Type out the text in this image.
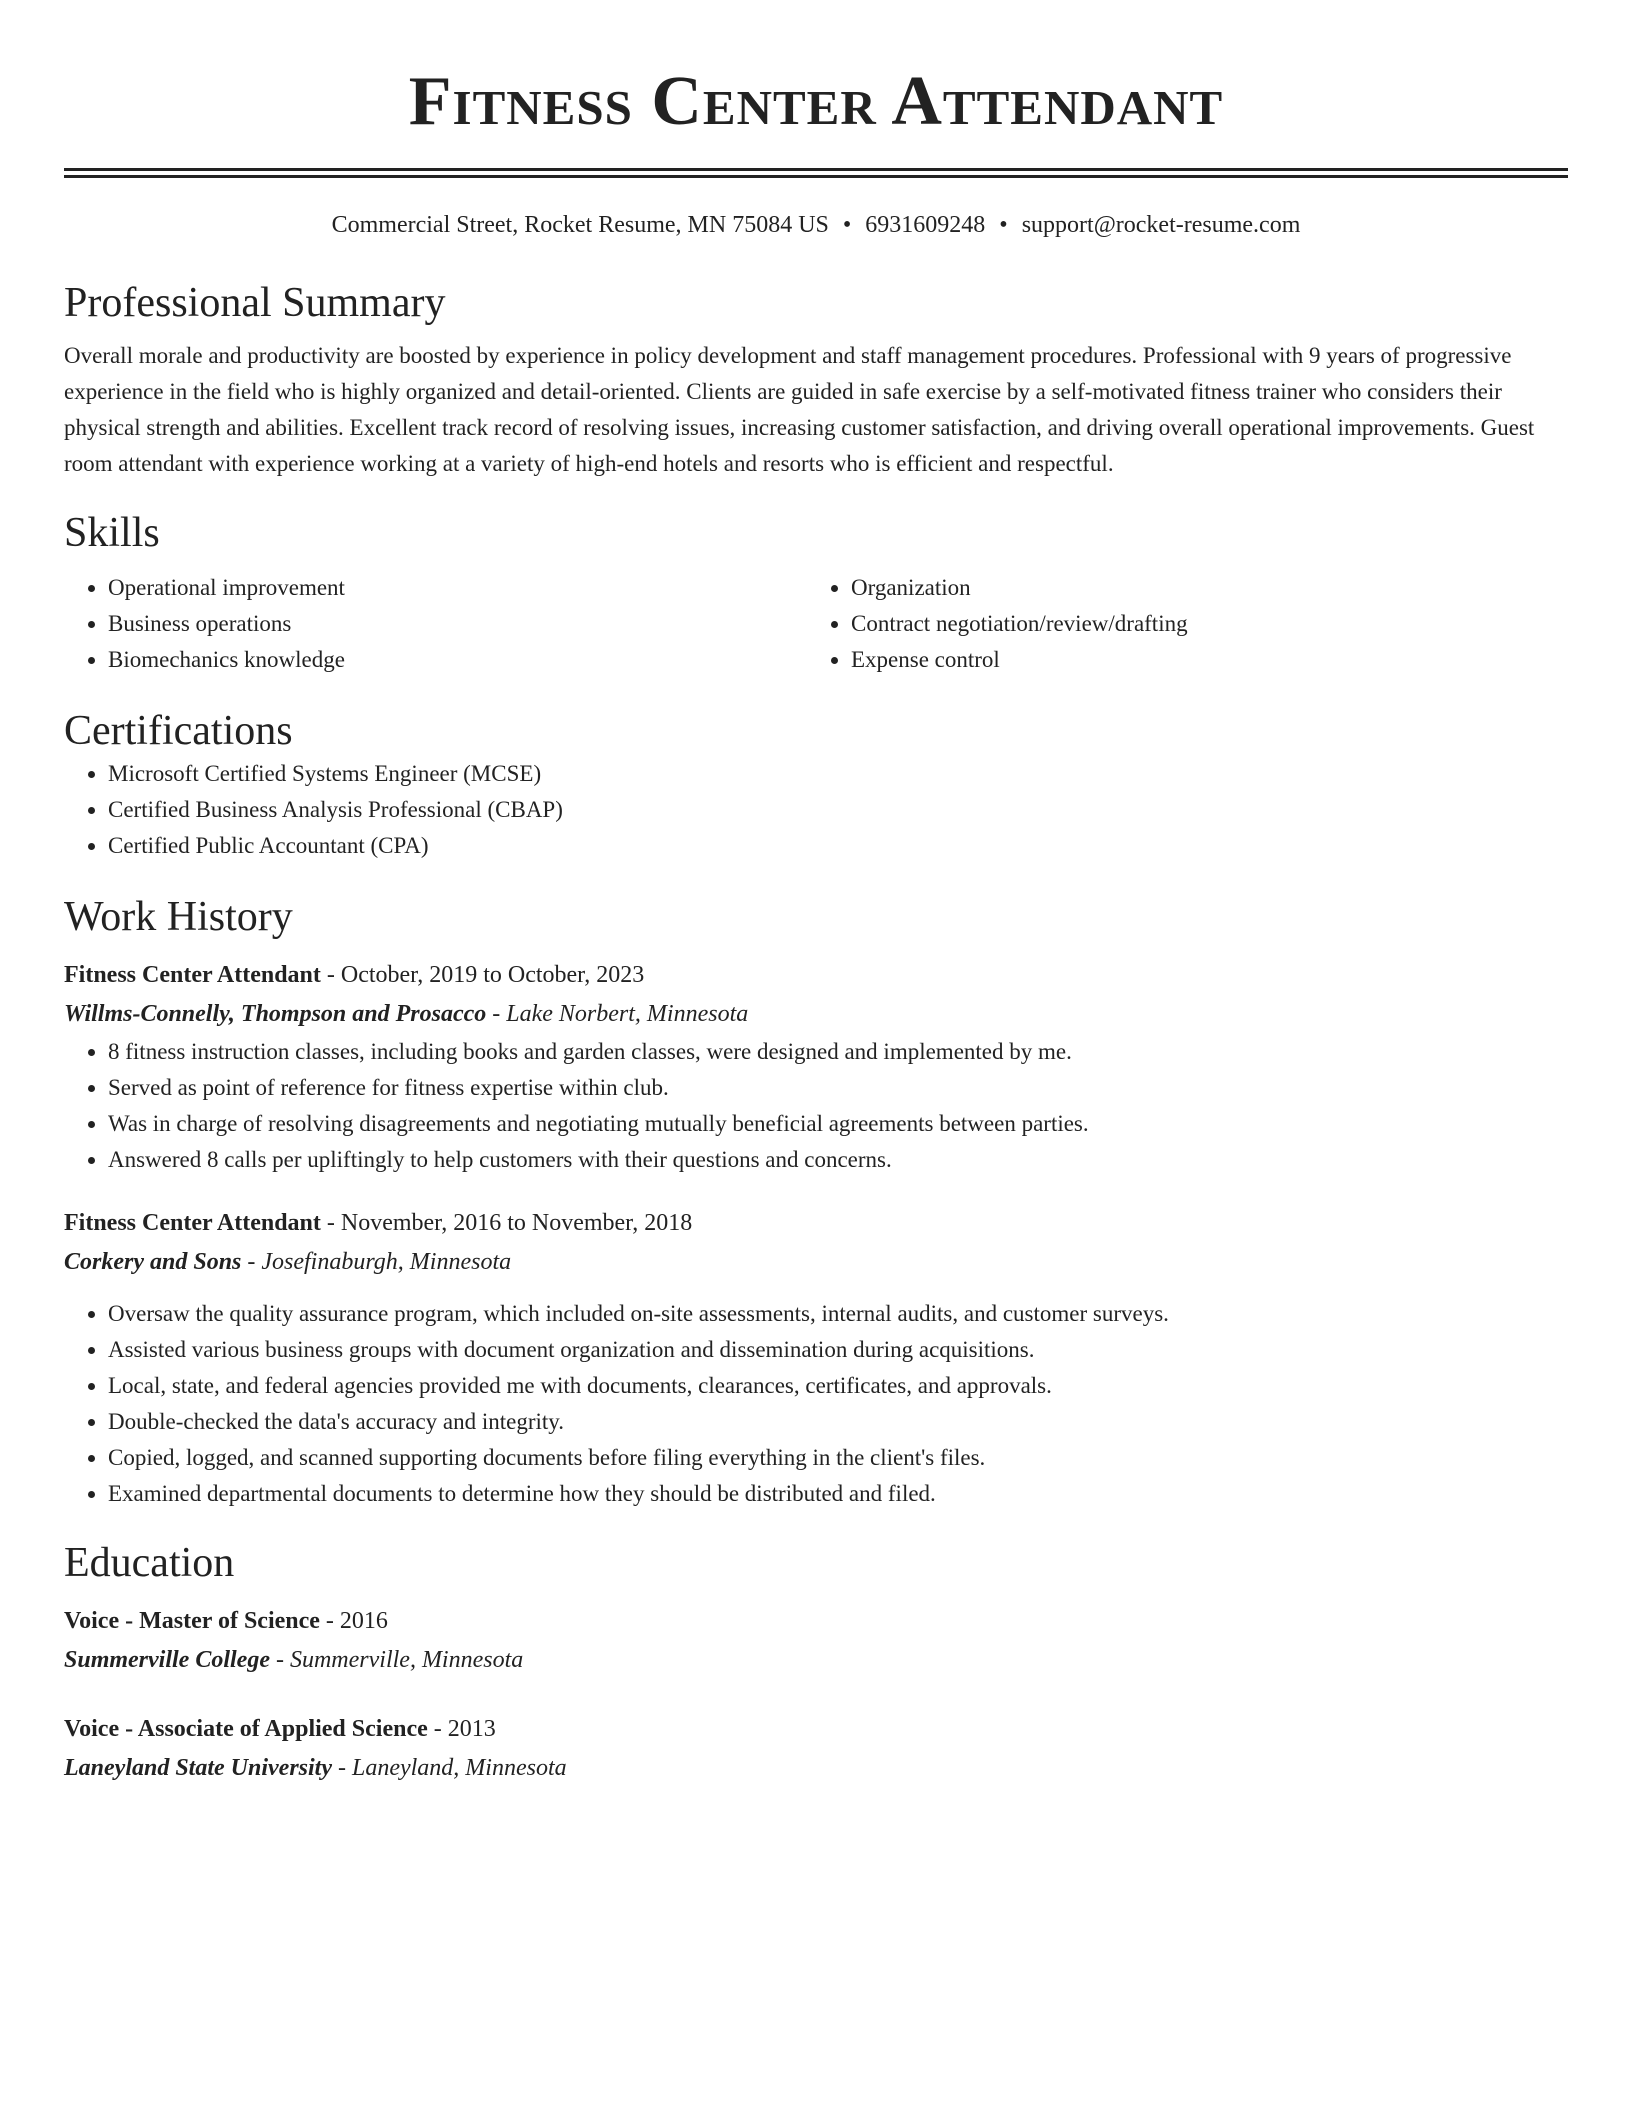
Fitness Center Attendant
Commercial Street, Rocket Resume, MN 75084 US • 6931609248 • support@rocket-resume.com
Professional Summary

Overall morale and productivity are boosted by experience in policy development and staff management procedures. Professional with 9 years of progressive experience in the field who is highly organized and detail-oriented. Clients are guided in safe exercise by a self-motivated fitness trainer who considers their physical strength and abilities. Excellent track record of resolving issues, increasing customer satisfaction, and driving overall operational improvements. Guest room attendant with experience working at a variety of high-end hotels and resorts who is efficient and respectful.

Skills
• Operational improvement
• Business operations
• Biomechanics knowledge
• Organization
• Contract negotiation/review/drafting
• Expense control
Certifications
• Microsoft Certified Systems Engineer (MCSE)
• Certified Business Analysis Professional (CBAP)
• Certified Public Accountant (CPA)
Work History
Fitness Center Attendant - October, 2019 to October, 2023
Willms-Connelly, Thompson and Prosacco - Lake Norbert, Minnesota
• 8 fitness instruction classes, including books and garden classes, were designed and implemented by me.
• Served as point of reference for fitness expertise within club.
• Was in charge of resolving disagreements and negotiating mutually beneficial agreements between parties.
• Answered 8 calls per upliftingly to help customers with their questions and concerns.
Fitness Center Attendant - November, 2016 to November, 2018
Corkery and Sons - Josefinaburgh, Minnesota
• Oversaw the quality assurance program, which included on-site assessments, internal audits, and customer surveys.
• Assisted various business groups with document organization and dissemination during acquisitions.
• Local, state, and federal agencies provided me with documents, clearances, certificates, and approvals.
• Double-checked the data's accuracy and integrity.
• Copied, logged, and scanned supporting documents before filing everything in the client's files.
• Examined departmental documents to determine how they should be distributed and filed.
Education
Voice - Master of Science - 2016
Summerville College - Summerville, Minnesota
Voice - Associate of Applied Science - 2013
Laneyland State University - Laneyland, Minnesota
